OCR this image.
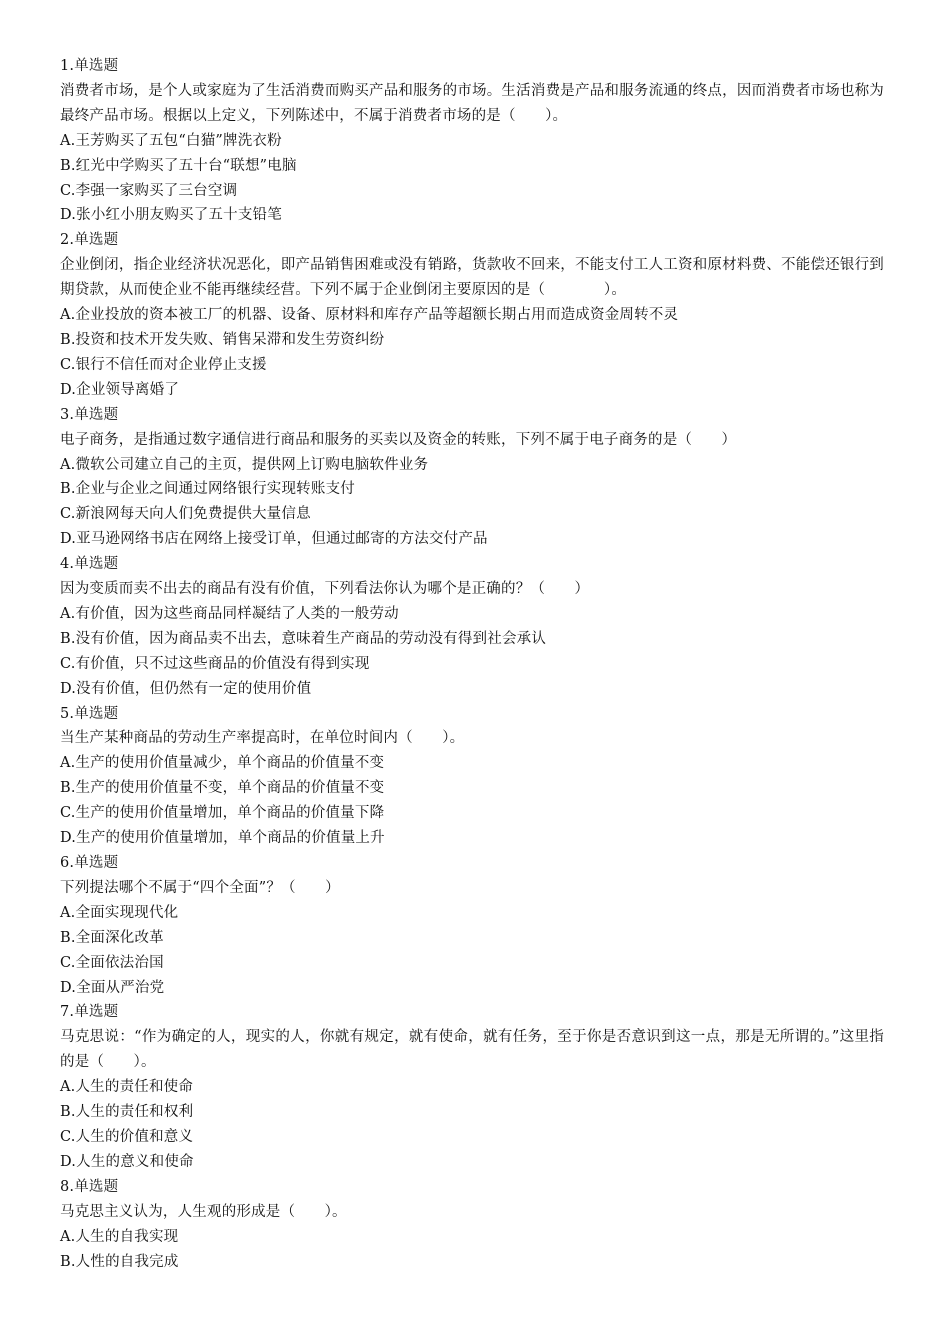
1.单选题
消费者市场，是个人或家庭为了生活消费而购买产品和服务的市场。生活消费是产品和服务流通的终点，因而消费者市场也称为最终产品市场。根据以上定义，下列陈述中，不属于消费者市场的是（　　）。
A.王芳购买了五包“白猫”牌洗衣粉
B.红光中学购买了五十台“联想”电脑
C.李强一家购买了三台空调
D.张小红小朋友购买了五十支铅笔
2.单选题
企业倒闭，指企业经济状况恶化，即产品销售困难或没有销路，货款收不回来，不能支付工人工资和原材料费、不能偿还银行到期贷款，从而使企业不能再继续经营。下列不属于企业倒闭主要原因的是（　　　　）。
A.企业投放的资本被工厂的机器、设备、原材料和库存产品等超额长期占用而造成资金周转不灵
B.投资和技术开发失败、销售呆滞和发生劳资纠纷
C.银行不信任而对企业停止支援
D.企业领导离婚了
3.单选题
电子商务，是指通过数字通信进行商品和服务的买卖以及资金的转账，下列不属于电子商务的是（　　）
A.微软公司建立自己的主页，提供网上订购电脑软件业务
B.企业与企业之间通过网络银行实现转账支付
C.新浪网每天向人们免费提供大量信息
D.亚马逊网络书店在网络上接受订单，但通过邮寄的方法交付产品
4.单选题
因为变质而卖不出去的商品有没有价值，下列看法你认为哪个是正确的？（　　）
A.有价值，因为这些商品同样凝结了人类的一般劳动
B.没有价值，因为商品卖不出去，意味着生产商品的劳动没有得到社会承认
C.有价值，只不过这些商品的价值没有得到实现
D.没有价值，但仍然有一定的使用价值
5.单选题
当生产某种商品的劳动生产率提高时，在单位时间内（　　）。
A.生产的使用价值量减少，单个商品的价值量不变
B.生产的使用价值量不变，单个商品的价值量不变
C.生产的使用价值量增加，单个商品的价值量下降
D.生产的使用价值量增加，单个商品的价值量上升
6.单选题
下列提法哪个不属于“四个全面”？（　　）
A.全面实现现代化
B.全面深化改革
C.全面依法治国
D.全面从严治党
7.单选题
马克思说：“作为确定的人，现实的人，你就有规定，就有使命，就有任务，至于你是否意识到这一点，那是无所谓的。”这里指的是（　　）。
A.人生的责任和使命
B.人生的责任和权利
C.人生的价值和意义
D.人生的意义和使命
8.单选题
马克思主义认为，人生观的形成是（　　）。
A.人生的自我实现
B.人性的自我完成
